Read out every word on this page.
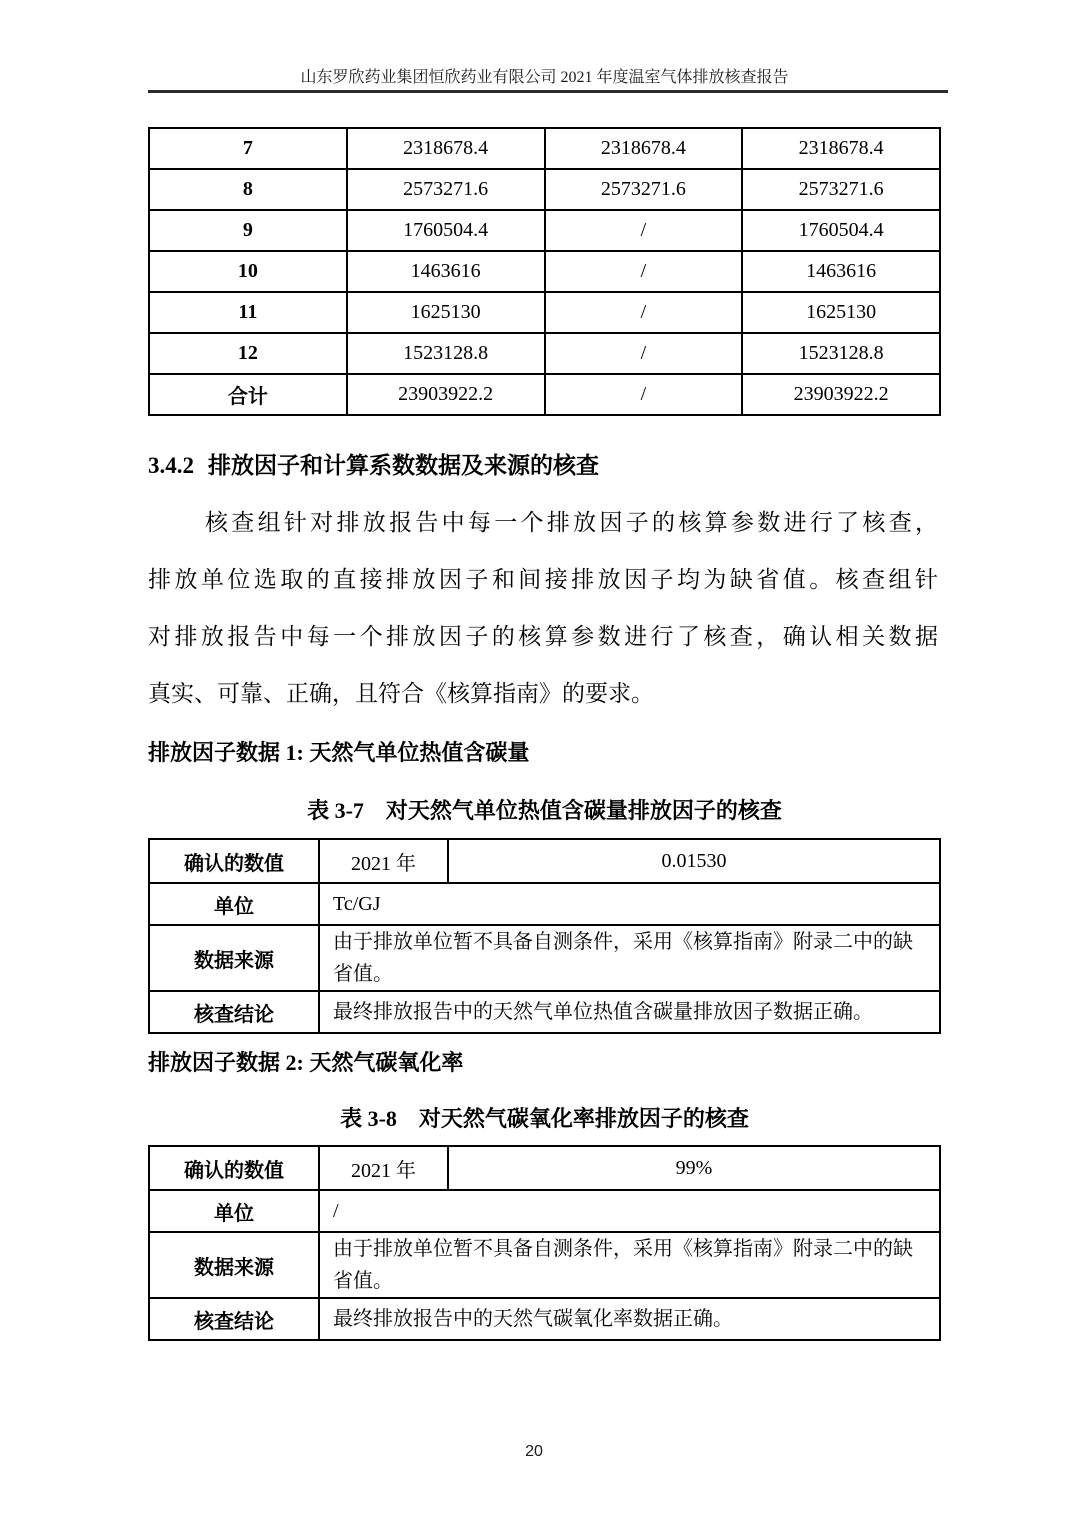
山东罗欣药业集团恒欣药业有限公司 2021 年度温室气体排放核查报告
7	2318678.4	2318678.4	2318678.4
8	2573271.6	2573271.6	2573271.6
9	1760504.4	/	1760504.4
10	1463616	/	1463616
11	1625130	/	1625130
12	1523128.8	/	1523128.8
合计	23903922.2	/	23903922.2
3.4.2 排放因子和计算系数数据及来源的核查
核查组针对排放报告中每一个排放因子的核算参数进行了核查，
排放单位选取的直接排放因子和间接排放因子均为缺省值。核查组针
对排放报告中每一个排放因子的核算参数进行了核查，确认相关数据
真实、可靠、正确，且符合《核算指南》的要求。
排放因子数据 1: 天然气单位热值含碳量
表 3-7 对天然气单位热值含碳量排放因子的核查
确认的数值	2021 年	0.01530
单位	Tc/GJ	
数据来源	由于排放单位暂不具备自测条件，采用《核算指南》附录二中的缺省值。	
核查结论	最终排放报告中的天然气单位热值含碳量排放因子数据正确。	
排放因子数据 2: 天然气碳氧化率
表 3-8 对天然气碳氧化率排放因子的核查
确认的数值	2021 年	99%
单位	/	
数据来源	由于排放单位暂不具备自测条件，采用《核算指南》附录二中的缺省值。	
核查结论	最终排放报告中的天然气碳氧化率数据正确。	
20
